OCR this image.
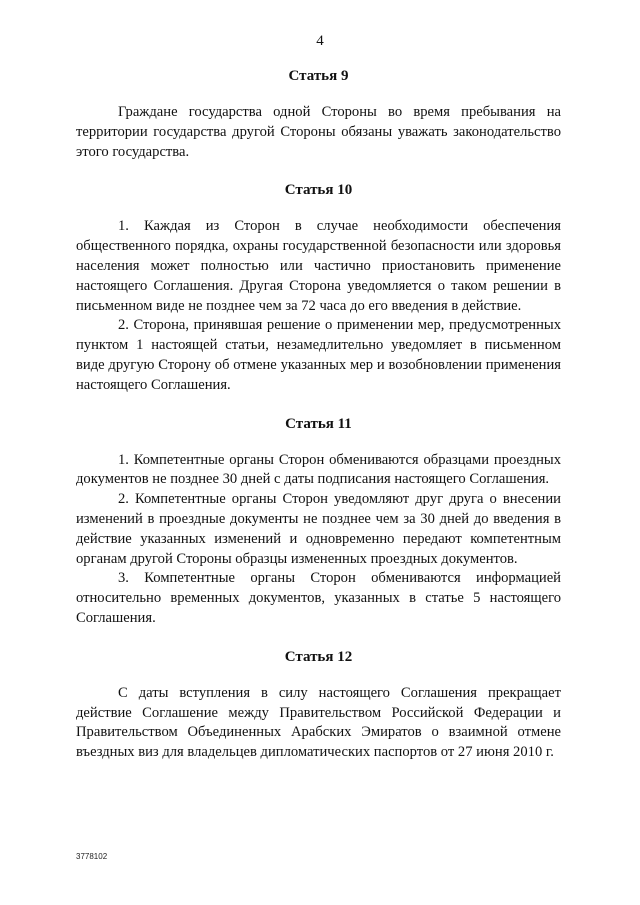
4
Статья 9

Граждане государства одной Стороны во время пребывания на территории государства другой Стороны обязаны уважать законодательство этого государства.

Статья 10

1. Каждая из Сторон в случае необходимости обеспечения общественного порядка, охраны государственной безопасности или здоровья населения может полностью или частично приостановить применение настоящего Соглашения. Другая Сторона уведомляется о таком решении в письменном виде не позднее чем за 72 часа до его введения в действие.

2. Сторона, принявшая решение о применении мер, предусмотренных пунктом 1 настоящей статьи, незамедлительно уведомляет в письменном виде другую Сторону об отмене указанных мер и возобновлении применения настоящего Соглашения.

Статья 11

1. Компетентные органы Сторон обмениваются образцами проездных документов не позднее 30 дней с даты подписания настоящего Соглашения.

2. Компетентные органы Сторон уведомляют друг друга о внесении изменений в проездные документы не позднее чем за 30 дней до введения в действие указанных изменений и одновременно передают компетентным органам другой Стороны образцы измененных проездных документов.

3. Компетентные органы Сторон обмениваются информацией относительно временных документов, указанных в статье 5 настоящего Соглашения.

Статья 12

С даты вступления в силу настоящего Соглашения прекращает действие Соглашение между Правительством Российской Федерации и Правительством Объединенных Арабских Эмиратов о взаимной отмене въездных виз для владельцев дипломатических паспортов от 27 июня 2010 г.

3778102
